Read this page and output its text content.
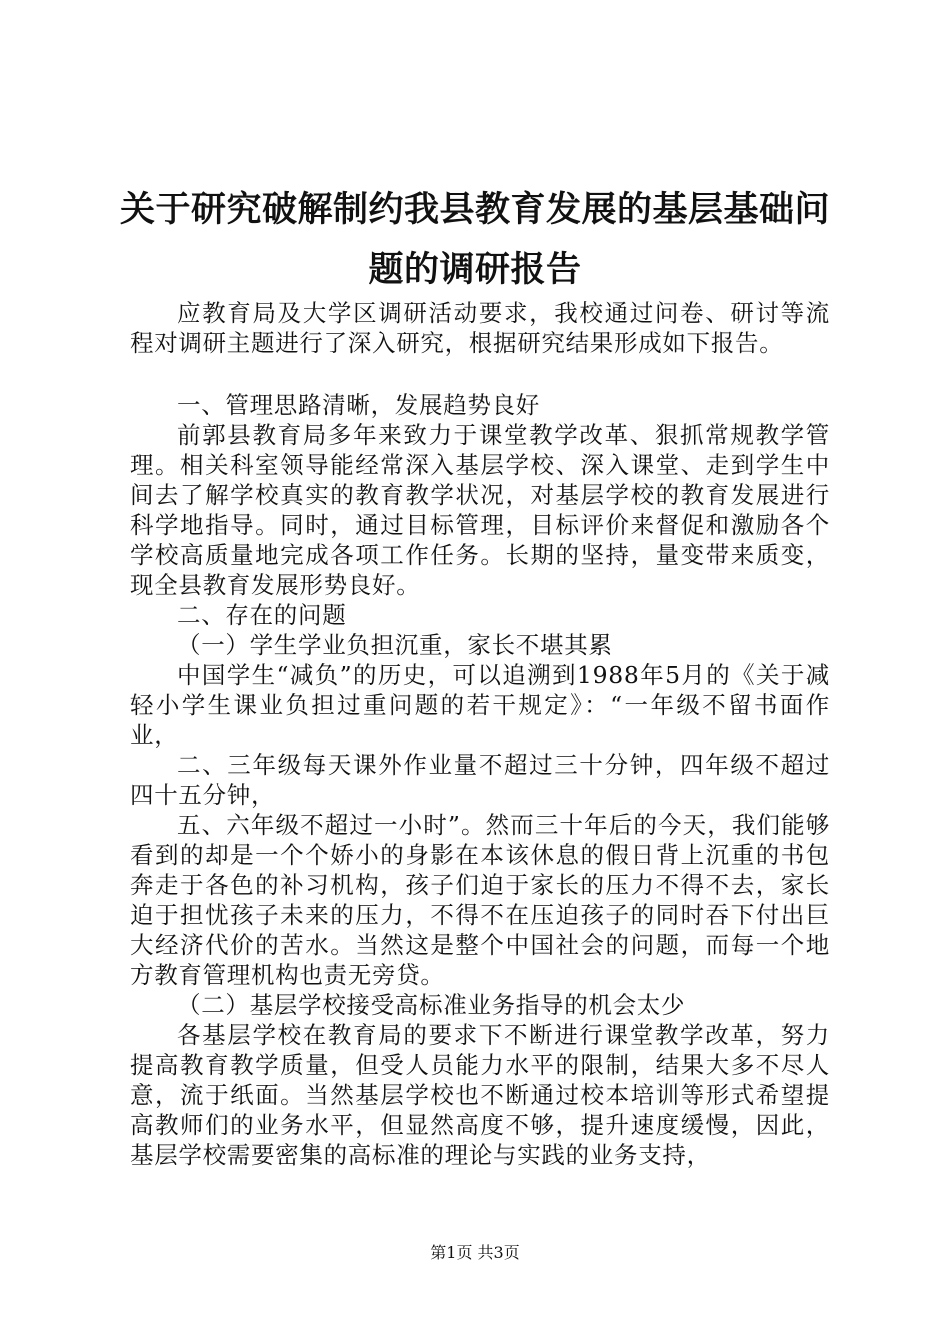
关于研究破解制约我县教育发展的基层基础问
题的调研报告

应教育局及大学区调研活动要求，我校通过问卷、研讨等流程对调研主题进行了深入研究，根据研究结果形成如下报告。

一、管理思路清晰，发展趋势良好

前郭县教育局多年来致力于课堂教学改革、狠抓常规教学管理。相关科室领导能经常深入基层学校、深入课堂、走到学生中间去了解学校真实的教育教学状况，对基层学校的教育发展进行科学地指导。同时，通过目标管理，目标评价来督促和激励各个学校高质量地完成各项工作任务。长期的坚持，量变带来质变，现全县教育发展形势良好。

二、存在的问题

（一）学生学业负担沉重，家长不堪其累

中国学生“减负”的历史，可以追溯到1988年5月的《关于减轻小学生课业负担过重问题的若干规定》：“一年级不留书面作业，

二、三年级每天课外作业量不超过三十分钟，四年级不超过四十五分钟，

五、六年级不超过一小时”。然而三十年后的今天，我们能够看到的却是一个个娇小的身影在本该休息的假日背上沉重的书包奔走于各色的补习机构，孩子们迫于家长的压力不得不去，家长迫于担忧孩子未来的压力，不得不在压迫孩子的同时吞下付出巨大经济代价的苦水。当然这是整个中国社会的问题，而每一个地方教育管理机构也责无旁贷。

（二）基层学校接受高标准业务指导的机会太少

各基层学校在教育局的要求下不断进行课堂教学改革，努力提高教育教学质量，但受人员能力水平的限制，结果大多不尽人意，流于纸面。当然基层学校也不断通过校本培训等形式希望提高教师们的业务水平，但显然高度不够，提升速度缓慢，因此，基层学校需要密集的高标准的理论与实践的业务支持，

第1页 共3页
